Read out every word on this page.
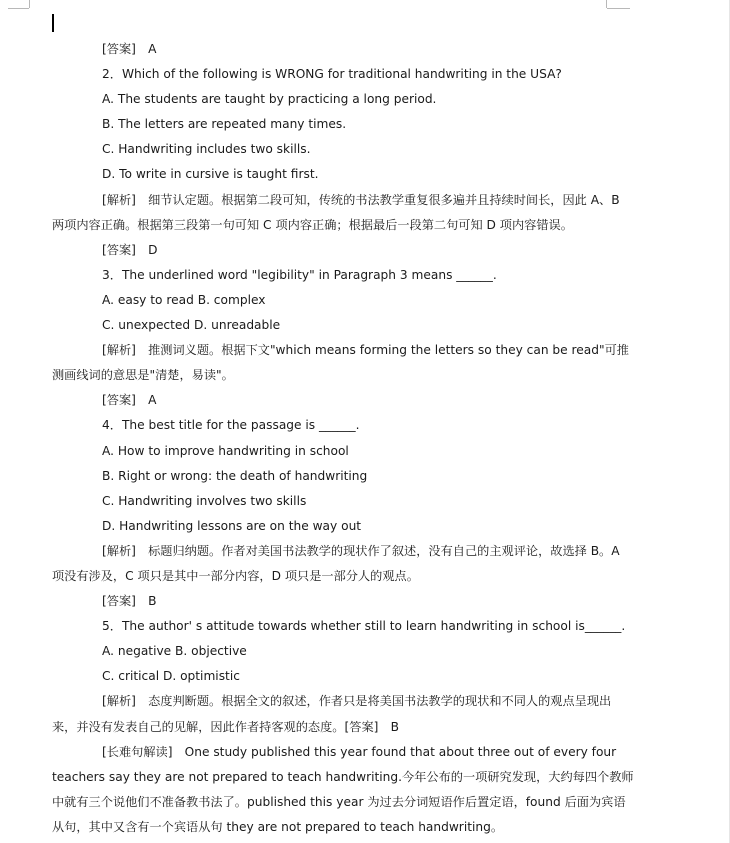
[答案]　A
2．Which of the following is WRONG for traditional handwriting in the USA?
A. The students are taught by practicing a long period.
B. The letters are repeated many times.
C. Handwriting includes two skills.
D. To write in cursive is taught first.
[解析]　细节认定题。根据第二段可知，传统的书法教学重复很多遍并且持续时间长，因此 A、B
两项内容正确。根据第三段第一句可知 C 项内容正确；根据最后一段第二句可知 D 项内容错误。
[答案]　D
3．The underlined word "legibility" in Paragraph 3 means ______.
A. easy to read B. complex
C. unexpected D. unreadable
[解析]　推测词义题。根据下文"which means forming the letters so they can be read"可推
测画线词的意思是"清楚，易读"。
[答案]　A
4．The best title for the passage is ______.
A. How to improve handwriting in school
B. Right or wrong: the death of handwriting
C. Handwriting involves two skills
D. Handwriting lessons are on the way out
[解析]　标题归纳题。作者对美国书法教学的现状作了叙述，没有自己的主观评论，故选择 B。A
项没有涉及，C 项只是其中一部分内容，D 项只是一部分人的观点。
[答案]　B
5．The author' s attitude towards whether still to learn handwriting in school is______.
A. negative B. objective
C. critical D. optimistic
[解析]　态度判断题。根据全文的叙述，作者只是将美国书法教学的现状和不同人的观点呈现出
来，并没有发表自己的见解，因此作者持客观的态度。[答案]　B
[长难句解读]　One study published this year found that about three out of every four
teachers say they are not prepared to teach handwriting.今年公布的一项研究发现，大约每四个教师
中就有三个说他们不准备教书法了。published this year 为过去分词短语作后置定语，found 后面为宾语
从句，其中又含有一个宾语从句 they are not prepared to teach handwriting。
